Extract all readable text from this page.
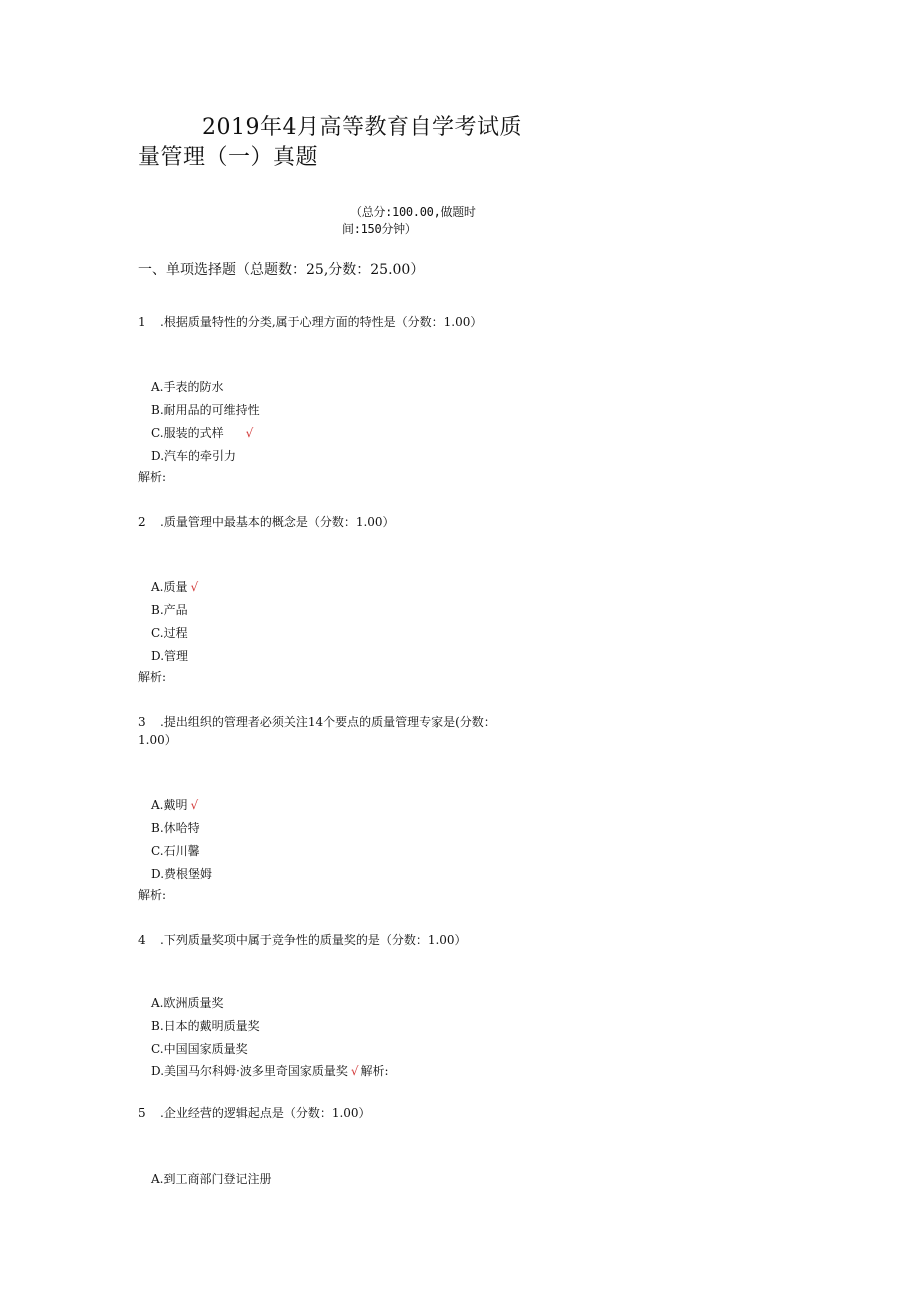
2019年4月高等教育自学考试质量管理（一）真题
（总分:100.00,做题时间:150分钟）
一、单项选择题（总题数：25,分数：25.00）
1 .根据质量特性的分类,属于心理方面的特性是（分数：1.00）
A.手表的防水
B.耐用品的可维持性
C.服装的式样 √
D.汽车的牵引力
解析:
2 .质量管理中最基本的概念是（分数：1.00）
A.质量 √
B.产品
C.过程
D.管理
解析:
3 .提出组织的管理者必须关注14个要点的质量管理专家是(分数：1.00）
A.戴明 √
B.休哈特
C.石川馨
D.费根堡姆
解析:
4 .下列质量奖项中属于竞争性的质量奖的是（分数：1.00）
A.欧洲质量奖
B.日本的戴明质量奖
C.中国国家质量奖
D.美国马尔科姆·波多里奇国家质量奖 √ 解析:
5 .企业经营的逻辑起点是（分数：1.00）
A.到工商部门登记注册
